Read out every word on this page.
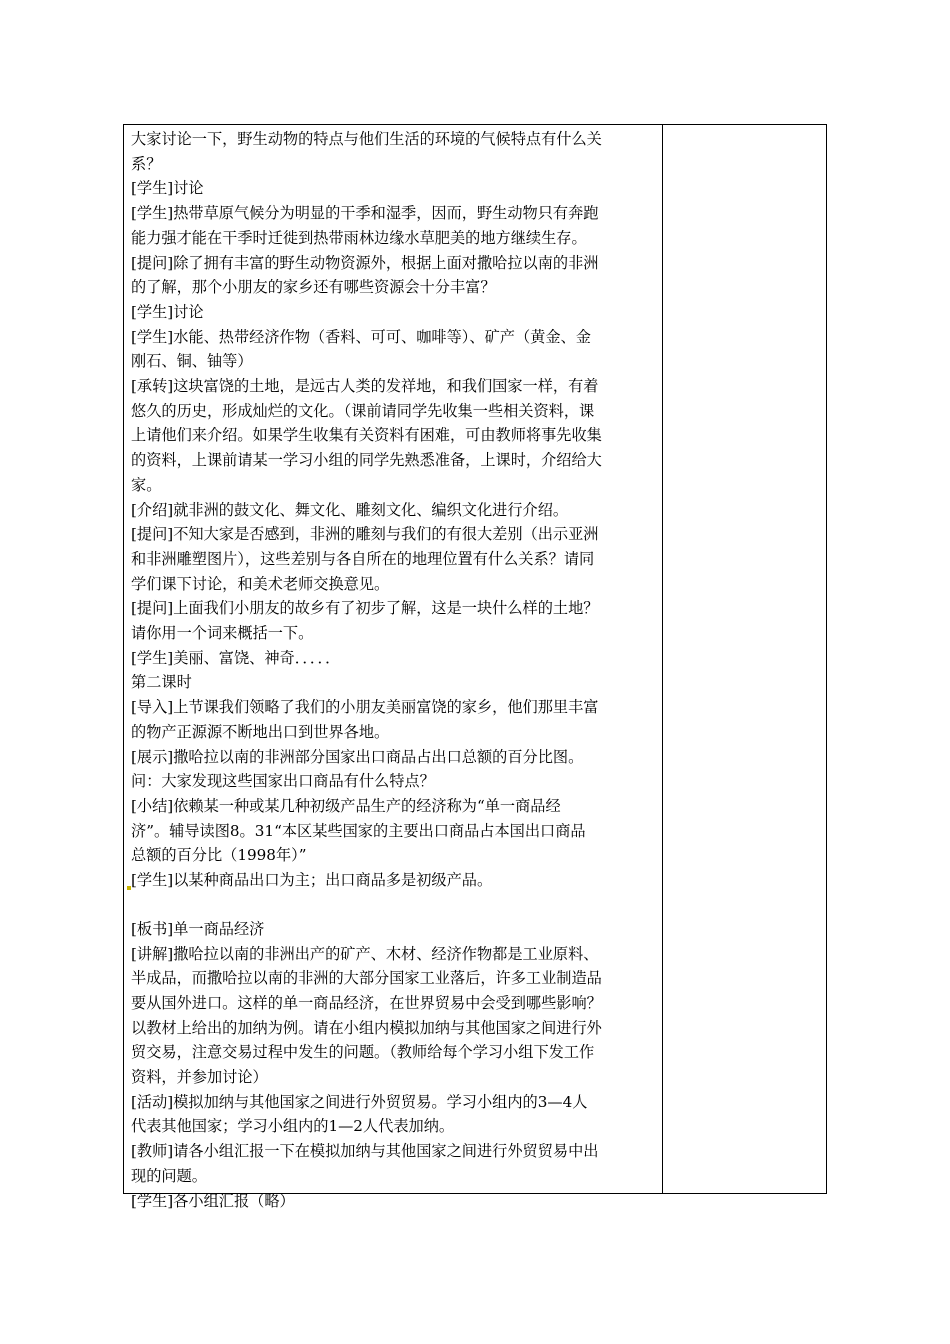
大家讨论一下，野生动物的特点与他们生活的环境的气候特点有什么关

系？

[学生]讨论

[学生]热带草原气候分为明显的干季和湿季，因而，野生动物只有奔跑

能力强才能在干季时迁徙到热带雨林边缘水草肥美的地方继续生存。

[提问]除了拥有丰富的野生动物资源外，根据上面对撒哈拉以南的非洲

的了解，那个小朋友的家乡还有哪些资源会十分丰富？

[学生]讨论

[学生]水能、热带经济作物（香料、可可、咖啡等）、矿产（黄金、金

刚石、铜、铀等）

[承转]这块富饶的土地，是远古人类的发祥地，和我们国家一样，有着

悠久的历史，形成灿烂的文化。（课前请同学先收集一些相关资料，课

上请他们来介绍。如果学生收集有关资料有困难，可由教师将事先收集

的资料，上课前请某一学习小组的同学先熟悉准备，上课时，介绍给大

家。

[介绍]就非洲的鼓文化、舞文化、雕刻文化、编织文化进行介绍。

[提问]不知大家是否感到，非洲的雕刻与我们的有很大差别（出示亚洲

和非洲雕塑图片），这些差别与各自所在的地理位置有什么关系？请同

学们课下讨论，和美术老师交换意见。

[提问]上面我们小朋友的故乡有了初步了解，这是一块什么样的土地？

请你用一个词来概括一下。

[学生]美丽、富饶、神奇．．．．．

第二课时

[导入]上节课我们领略了我们的小朋友美丽富饶的家乡，他们那里丰富

的物产正源源不断地出口到世界各地。

[展示]撒哈拉以南的非洲部分国家出口商品占出口总额的百分比图。

问：大家发现这些国家出口商品有什么特点？

[小结]依赖某一种或某几种初级产品生产的经济称为“单一商品经

济”。辅导读图8。31“本区某些国家的主要出口商品占本国出口商品

总额的百分比（1998年）”

[学生]以某种商品出口为主；出口商品多是初级产品。

[板书]单一商品经济

[讲解]撒哈拉以南的非洲出产的矿产、木材、经济作物都是工业原料、

半成品，而撒哈拉以南的非洲的大部分国家工业落后，许多工业制造品

要从国外进口。这样的单一商品经济，在世界贸易中会受到哪些影响？

以教材上给出的加纳为例。请在小组内模拟加纳与其他国家之间进行外

贸交易，注意交易过程中发生的问题。（教师给每个学习小组下发工作

资料，并参加讨论）

[活动]模拟加纳与其他国家之间进行外贸贸易。学习小组内的3—4人

代表其他国家；学习小组内的1—2人代表加纳。

[教师]请各小组汇报一下在模拟加纳与其他国家之间进行外贸贸易中出

现的问题。

[学生]各小组汇报（略）
